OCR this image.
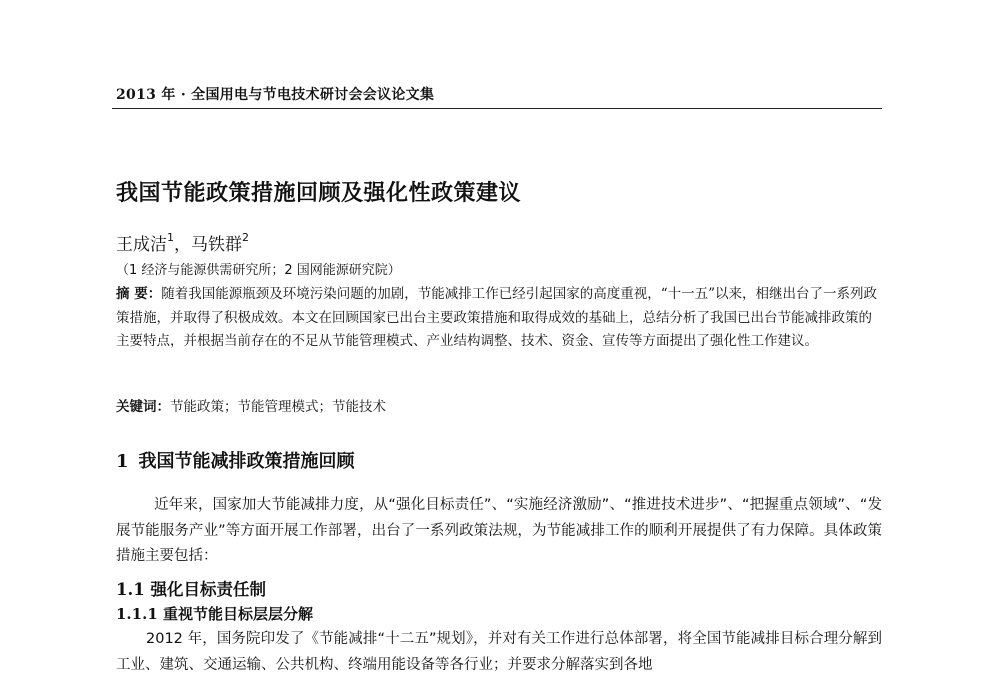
2013 年 · 全国用电与节电技术研讨会会议论文集
我国节能政策措施回顾及强化性政策建议
王成洁$^1$，马铁群$^2$
（1 经济与能源供需研究所；2 国网能源研究院）
摘 要：随着我国能源瓶颈及环境污染问题的加剧，节能减排工作已经引起国家的高度重视，“十一五”以来，相继出台了一系列政策措施，并取得了积极成效。本文在回顾国家已出台主要政策措施和取得成效的基础上，总结分析了我国已出台节能减排政策的主要特点，并根据当前存在的不足从节能管理模式、产业结构调整、技术、资金、宣传等方面提出了强化性工作建议。
关键词：节能政策；节能管理模式；节能技术
1 我国节能减排政策措施回顾
近年来，国家加大节能减排力度，从“强化目标责任”、“实施经济激励”、“推进技术进步”、“把握重点领域”、“发展节能服务产业”等方面开展工作部署，出台了一系列政策法规，为节能减排工作的顺利开展提供了有力保障。具体政策措施主要包括：
1.1 强化目标责任制
1.1.1 重视节能目标层层分解
2012 年，国务院印发了《节能减排“十二五”规划》，并对有关工作进行总体部署，将全国节能减排目标合理分解到工业、建筑、交通运输、公共机构、终端用能设备等各行业；并要求分解落实到各地
